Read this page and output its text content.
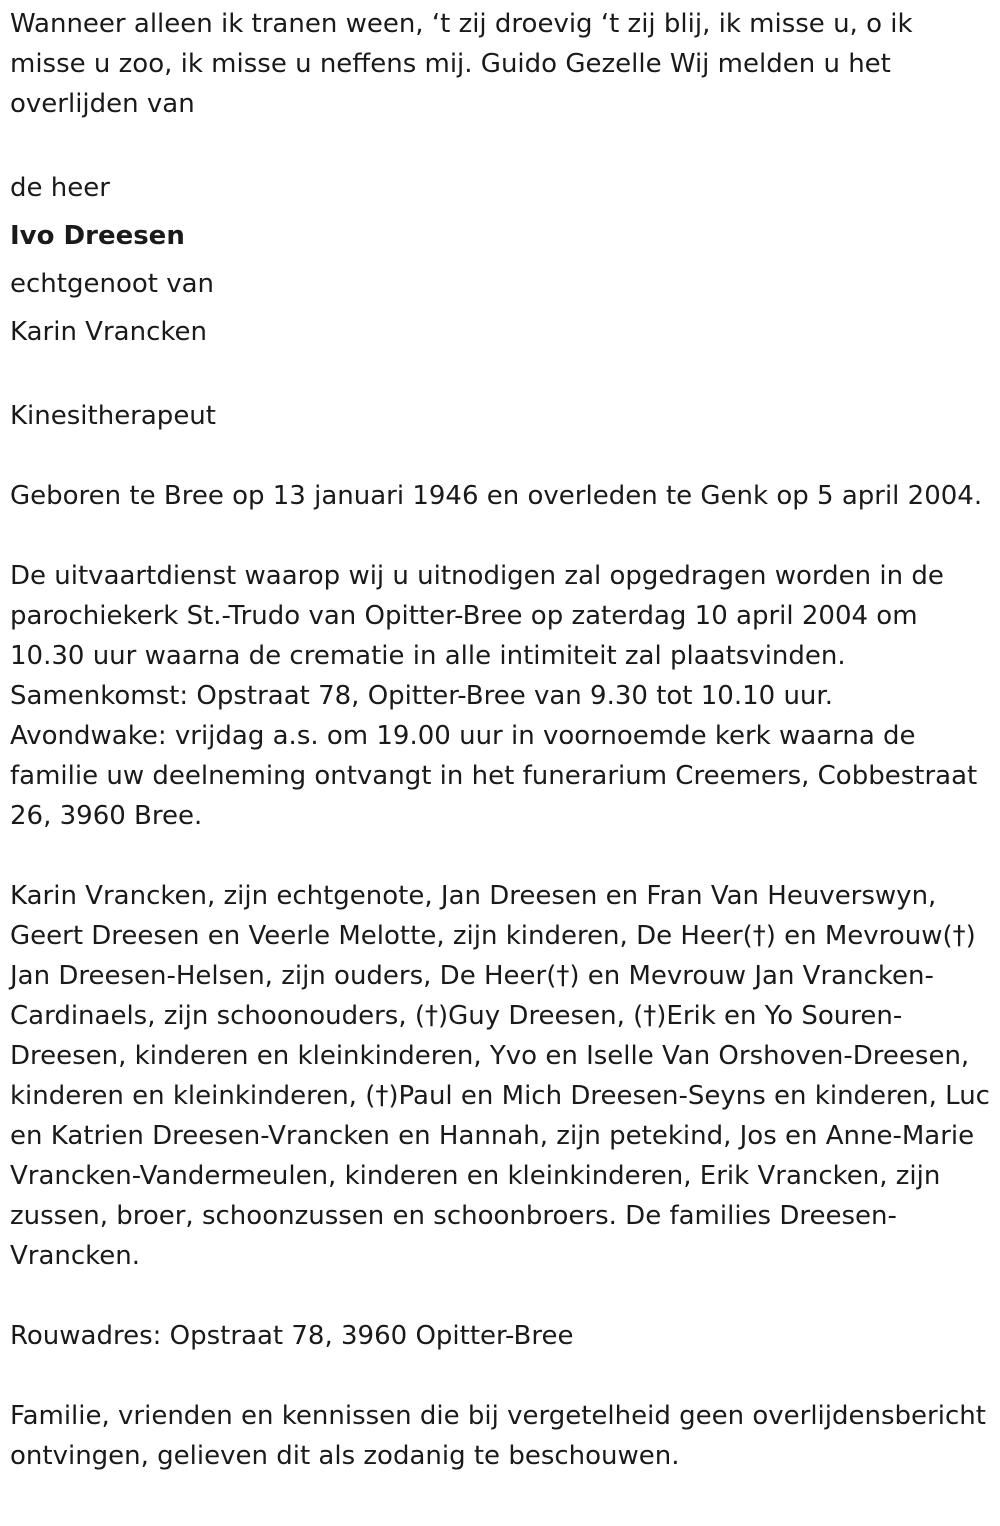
Wanneer alleen ik tranen ween, ‘t zij droevig ‘t zij blij, ik misse u, o ik misse u zoo, ik misse u neffens mij. Guido Gezelle Wij melden u het overlijden van

de heer
Ivo Dreesen
echtgenoot van
Karin Vrancken

Kinesitherapeut

Geboren te Bree op 13 januari 1946 en overleden te Genk op 5 april 2004.

De uitvaartdienst waarop wij u uitnodigen zal opgedragen worden in de parochiekerk St.-Trudo van Opitter-Bree op zaterdag 10 april 2004 om 10.30 uur waarna de crematie in alle intimiteit zal plaatsvinden.

Samenkomst: Opstraat 78, Opitter-Bree van 9.30 tot 10.10 uur.

Avondwake: vrijdag a.s. om 19.00 uur in voornoemde kerk waarna de familie uw deelneming ontvangt in het funerarium Creemers, Cobbestraat 26, 3960 Bree.

Karin Vrancken, zijn echtgenote, Jan Dreesen en Fran Van Heuverswyn, Geert Dreesen en Veerle Melotte, zijn kinderen, De Heer(†) en Mevrouw(†) Jan Dreesen-Helsen, zijn ouders, De Heer(†) en Mevrouw Jan Vrancken-Cardinaels, zijn schoonouders, (†)Guy Dreesen, (†)Erik en Yo Souren-Dreesen, kinderen en kleinkinderen, Yvo en Iselle Van Orshoven-Dreesen, kinderen en kleinkinderen, (†)Paul en Mich Dreesen-Seyns en kinderen, Luc en Katrien Dreesen-Vrancken en Hannah, zijn petekind, Jos en Anne-Marie Vrancken-Vandermeulen, kinderen en kleinkinderen, Erik Vrancken, zijn zussen, broer, schoonzussen en schoonbroers. De families Dreesen-Vrancken.

Rouwadres: Opstraat 78, 3960 Opitter-Bree

Familie, vrienden en kennissen die bij vergetelheid geen overlijdensbericht ontvingen, gelieven dit als zodanig te beschouwen.
